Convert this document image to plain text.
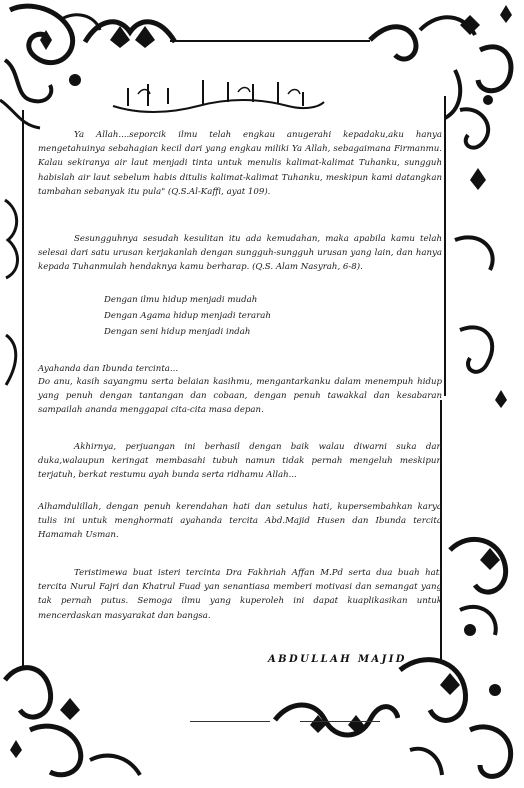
Ya Allah....seporcik ilmu telah engkau anugerahi kepadaku,aku hanya mengetahuinya sebahagian kecil dari yang engkau miliki Ya Allah, sebagaimana Firmanmu. Kalau sekiranya air laut menjadi tinta untuk menulis kalimat-kalimat Tuhanku, sungguh habislah air laut sebelum habis ditulis kalimat-kalimat Tuhanku, meskipun kami datangkan tambahan sebanyak itu pula" (Q.S.Al-Kaffi, ayat 109).
Sesungguhnya sesudah kesulitan itu ada kemudahan, maka apabila kamu telah selesai dari satu urusan kerjakanlah dengan sungguh-sungguh urusan yang lain, dan hanya kepada Tuhanmulah hendaknya kamu berharap. (Q.S. Alam Nasyrah, 6-8).
Dengan ilmu hidup menjadi mudah
Dengan Agama hidup menjadi terarah
Dengan seni hidup menjadi indah
Ayahanda dan Ibunda tercinta...
Do anu, kasih sayangmu serta belaian kasihmu, mengantarkanku dalam menempuh hidup yang penuh dengan tantangan dan cobaan, dengan penuh tawakkal dan kesabaran sampailah ananda menggapai cita-cita masa depan.
Akhirnya, perjuangan ini berhasil dengan baik walau diwarni suka dan duka,walaupun keringat membasahi tubuh namun tidak pernah mengeluh meskipun terjatuh, berkat restumu ayah bunda serta ridhamu Allah...
Alhamdulillah, dengan penuh kerendahan hati dan setulus hati, kupersembahkan karya tulis ini untuk menghormati ayahanda tercita Abd.Majid Husen dan Ibunda tercita Hamamah Usman.
Teristimewa buat isteri tercinta Dra Fakhriah Affan M.Pd serta dua buah hati tercita Nurul Fajri dan Khatrul Fuad yan senantiasa memberi motivasi dan semangat yang tak pernah putus. Semoga ilmu yang kuperoleh ini dapat kuaplikasikan untuk mencerdaskan masyarakat dan bangsa.
ABDULLAH MAJID
